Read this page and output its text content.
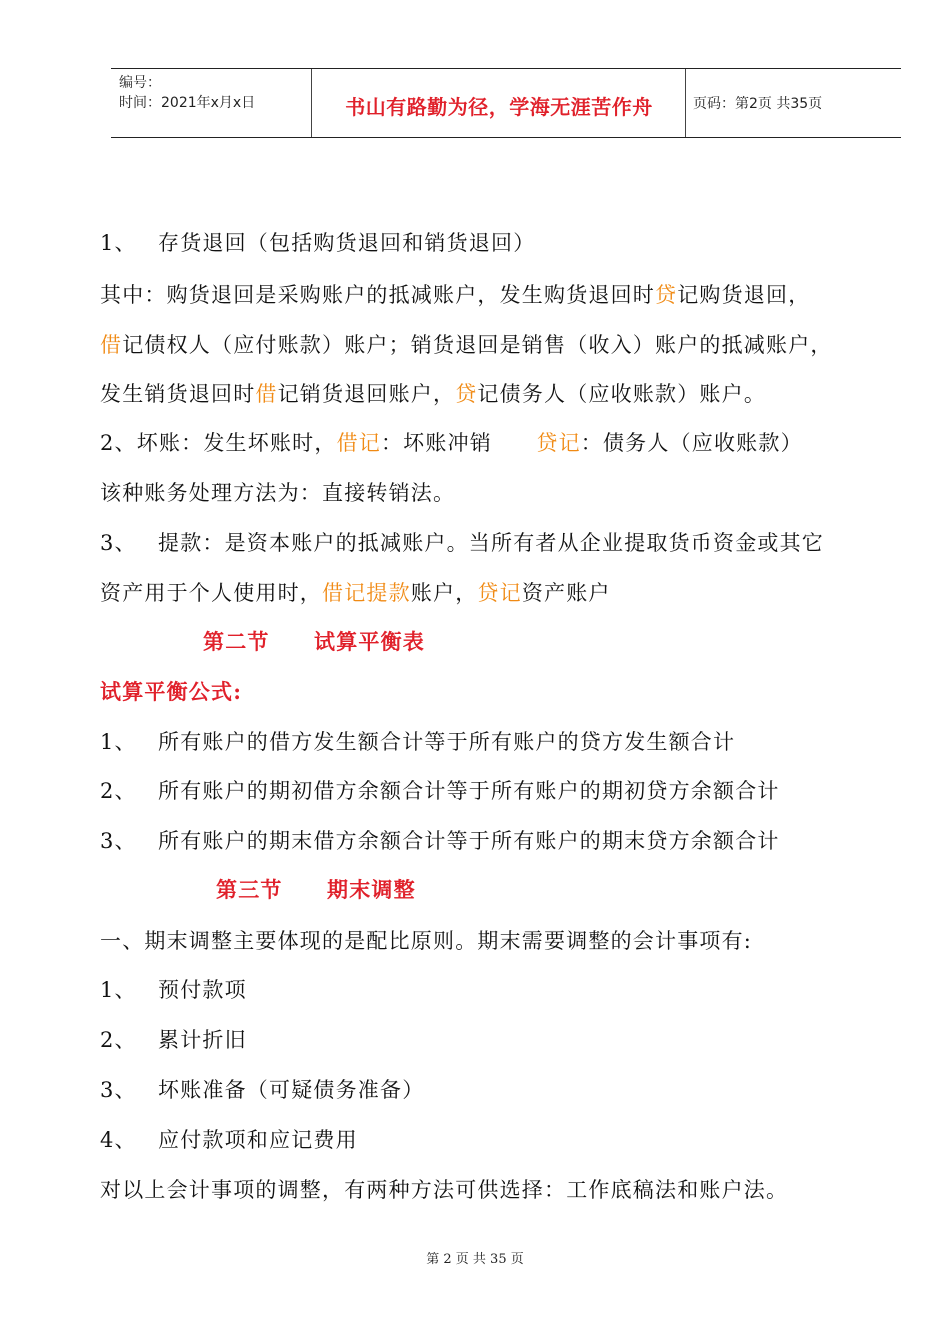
编号：
时间：2021年x月x日	书山有路勤为径，学海无涯苦作舟	页码：第2页 共35页
1、 存货退回（包括购货退回和销货退回）
其中：购货退回是采购账户的抵减账户，发生购货退回时贷记购货退回，
借记债权人（应付账款）账户；销货退回是销售（收入）账户的抵减账户，
发生销货退回时借记销货退回账户，贷记债务人（应收账款）账户。
2、坏账：发生坏账时，借记：坏账冲销　　贷记：债务人（应收账款）
该种账务处理方法为：直接转销法。
3、 提款：是资本账户的抵减账户。当所有者从企业提取货币资金或其它
资产用于个人使用时，借记提款账户，贷记资产账户
第二节　　试算平衡表
试算平衡公式:
1、 所有账户的借方发生额合计等于所有账户的贷方发生额合计
2、 所有账户的期初借方余额合计等于所有账户的期初贷方余额合计
3、 所有账户的期末借方余额合计等于所有账户的期末贷方余额合计
第三节　　期末调整
一、期末调整主要体现的是配比原则。期末需要调整的会计事项有:
1、 预付款项
2、 累计折旧
3、 坏账准备（可疑债务准备）
4、 应付款项和应记费用
对以上会计事项的调整，有两种方法可供选择：工作底稿法和账户法。
第 2 页 共 35 页
